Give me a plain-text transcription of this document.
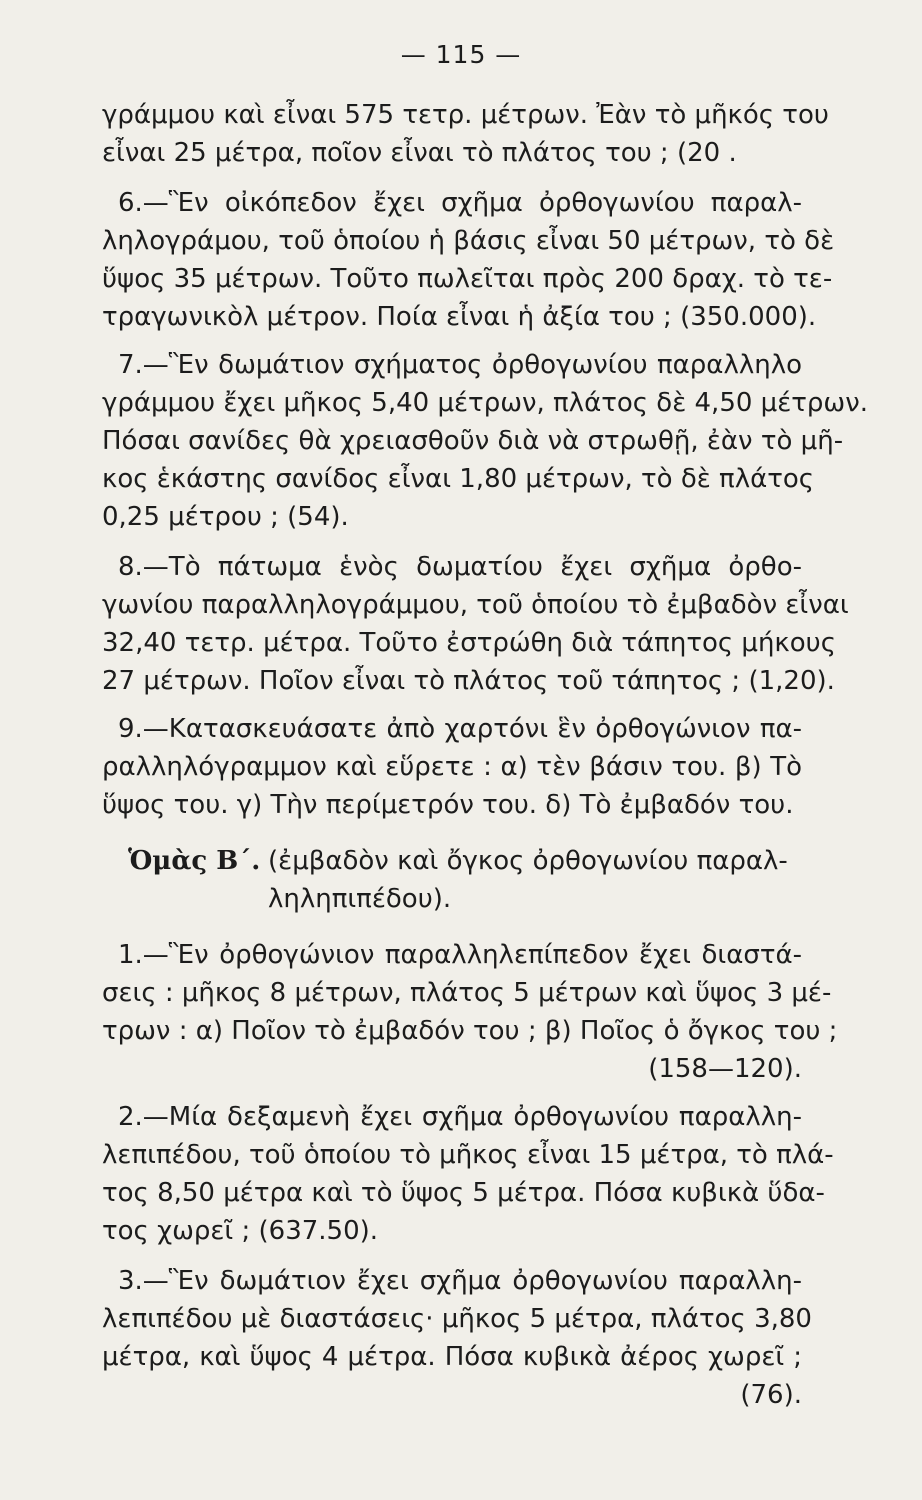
— 115 —
γράμμου καὶ εἶναι 575 τετρ. μέτρων. Ἐὰν τὸ μῆκός του
εἶναι 25 μέτρα, ποῖον εἶναι τὸ πλάτος του ; (20 .
6.—Ἓν οἰκόπεδον ἔχει σχῆμα ὀρθογωνίου παραλ-
ληλογράμου, τοῦ ὁποίου ἡ βάσις εἶναι 50 μέτρων, τὸ δὲ
ὕψος 35 μέτρων. Τοῦτο πωλεῖται πρὸς 200 δραχ. τὸ τε-
τραγωνικὸλ μέτρον. Ποία εἶναι ἡ ἀξία του ; (350.000).
7.—Ἓν δωμάτιον σχήματος ὀρθογωνίου παραλληλο
γράμμου ἔχει μῆκος 5,40 μέτρων, πλάτος δὲ 4,50 μέτρων.
Πόσαι σανίδες θὰ χρειασθοῦν διὰ νὰ στρωθῇ, ἐὰν τὸ μῆ-
κος ἑκάστης σανίδος εἶναι 1,80 μέτρων, τὸ δὲ πλάτος
0,25 μέτρου ; (54).
8.—Τὸ πάτωμα ἑνὸς δωματίου ἔχει σχῆμα ὀρθο-
γωνίου παραλληλογράμμου, τοῦ ὁποίου τὸ ἐμβαδὸν εἶναι
32,40 τετρ. μέτρα. Τοῦτο ἐστρώθη διὰ τάπητος μήκους
27 μέτρων. Ποῖον εἶναι τὸ πλάτος τοῦ τάπητος ; (1,20).
9.—Κατασκευάσατε ἀπὸ χαρτόνι ἓν ὀρθογώνιον πα-
ραλληλόγραμμον καὶ εὕρετε : α) τὲν βάσιν του. β) Τὸ
ὕψος του. γ) Τὴν περίμετρόν του. δ) Τὸ ἐμβαδόν του.
Ὁμὰς Β΄. (ἐμβαδὸν καὶ ὄγκος ὀρθογωνίου παραλ-
ληληπιπέδου).
1.—Ἓν ὀρθογώνιον παραλληλεπίπεδον ἔχει διαστά-
σεις : μῆκος 8 μέτρων, πλάτος 5 μέτρων καὶ ὕψος 3 μέ-
τρων : α) Ποῖον τὸ ἐμβαδόν του ; β) Ποῖος ὁ ὄγκος του ;
(158—120).
2.—Μία δεξαμενὴ ἔχει σχῆμα ὀρθογωνίου παραλλη-
λεπιπέδου, τοῦ ὁποίου τὸ μῆκος εἶναι 15 μέτρα, τὸ πλά-
τος 8,50 μέτρα καὶ τὸ ὕψος 5 μέτρα. Πόσα κυβικὰ ὕδα-
τος χωρεῖ ; (637.50).
3.—Ἓν δωμάτιον ἔχει σχῆμα ὀρθογωνίου παραλλη-
λεπιπέδου μὲ διαστάσεις· μῆκος 5 μέτρα, πλάτος 3,80
μέτρα, καὶ ὕψος 4 μέτρα. Πόσα κυβικὰ ἀέρος χωρεῖ ;
(76).
